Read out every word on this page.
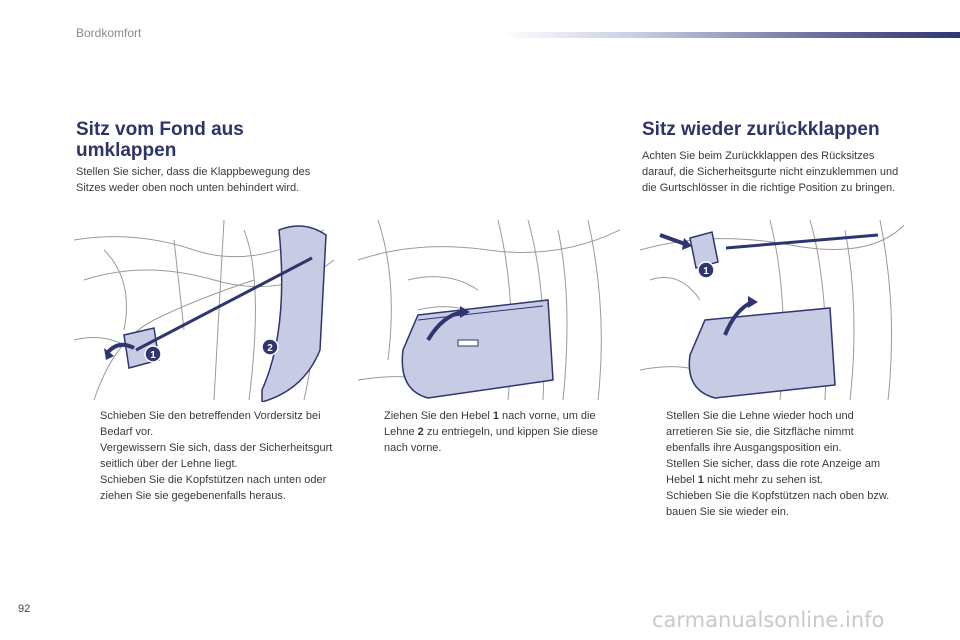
Bordkomfort
Sitz vom Fond aus umklappen

Stellen Sie sicher, dass die Klappbewegung des Sitzes weder oben noch unten behindert wird.

Sitz wieder zurückklappen

Achten Sie beim Zurückklappen des Rücksitzes darauf, die Sicherheitsgurte nicht einzuklemmen und die Gurtschlösser in die richtige Position zu bringen.

1
2
1
Schieben Sie den betreffenden Vordersitz bei Bedarf vor.
Vergewissern Sie sich, dass der Sicherheitsgurt seitlich über der Lehne liegt.
Schieben Sie die Kopfstützen nach unten oder ziehen Sie sie gegebenenfalls heraus.
Ziehen Sie den Hebel 1 nach vorne, um die Lehne 2 zu entriegeln, und kippen Sie diese nach vorne.
Stellen Sie die Lehne wieder hoch und arretieren Sie sie, die Sitzfläche nimmt ebenfalls ihre Ausgangsposition ein.
Stellen Sie sicher, dass die rote Anzeige am Hebel 1 nicht mehr zu sehen ist.
Schieben Sie die Kopfstützen nach oben bzw. bauen Sie sie wieder ein.
92	carmanualsonline.info
